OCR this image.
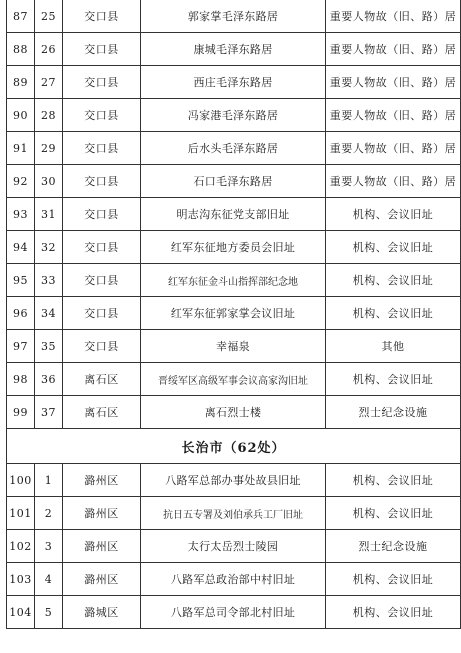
87	25	交口县	郭家掌毛泽东路居	重要人物故（旧、路）居
88	26	交口县	康城毛泽东路居	重要人物故（旧、路）居
89	27	交口县	西庄毛泽东路居	重要人物故（旧、路）居
90	28	交口县	冯家港毛泽东路居	重要人物故（旧、路）居
91	29	交口县	后水头毛泽东路居	重要人物故（旧、路）居
92	30	交口县	石口毛泽东路居	重要人物故（旧、路）居
93	31	交口县	明志沟东征党支部旧址	机构、会议旧址
94	32	交口县	红军东征地方委员会旧址	机构、会议旧址
95	33	交口县	红军东征金斗山指挥部纪念地	机构、会议旧址
96	34	交口县	红军东征郭家掌会议旧址	机构、会议旧址
97	35	交口县	幸福泉	其他
98	36	离石区	晋绥军区高级军事会议高家沟旧址	机构、会议旧址
99	37	离石区	离石烈士楼	烈士纪念设施
长治市（62处）				
100	1	潞州区	八路军总部办事处故县旧址	机构、会议旧址
101	2	潞州区	抗日五专署及刘伯承兵工厂旧址	机构、会议旧址
102	3	潞州区	太行太岳烈士陵园	烈士纪念设施
103	4	潞州区	八路军总政治部中村旧址	机构、会议旧址
104	5	潞城区	八路军总司令部北村旧址	机构、会议旧址
